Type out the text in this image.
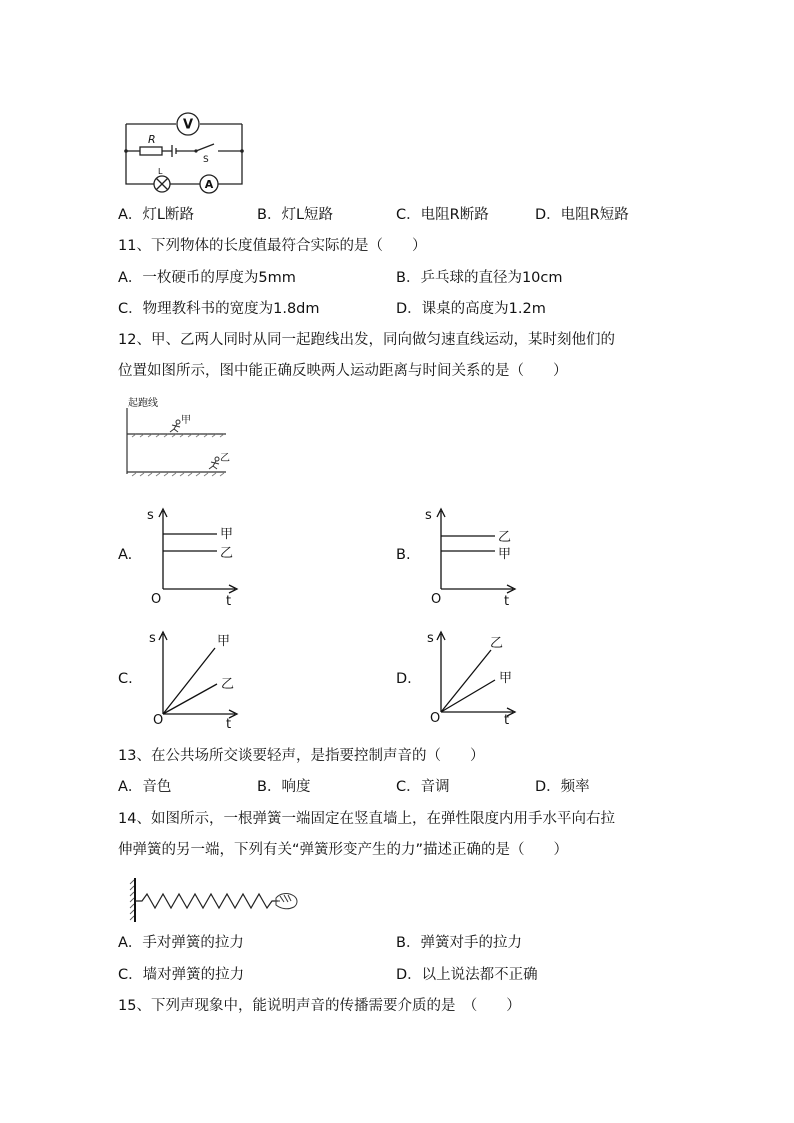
V
A
R
L
S
A．灯L断路	B．灯L短路	C．电阻R断路	D．电阻R短路
11、下列物体的长度值最符合实际的是（　　）
A．一枚硬币的厚度为5mm	B．乒乓球的直径为10cm
C．物理教科书的宽度为1.8dm	D．课桌的高度为1.2m
12、甲、乙两人同时从同一起跑线出发，同向做匀速直线运动，某时刻他们的
位置如图所示，图中能正确反映两人运动距离与时间关系的是（　　）
起跑线
甲
乙
A.	B.
C.	D.
s
t
O
甲
乙
s
t
O
乙
甲
s
t
O
甲
乙
s
t
O
乙
甲
13、在公共场所交谈要轻声，是指要控制声音的（　　）
A．音色	B．响度	C．音调	D．频率
14、如图所示，一根弹簧一端固定在竖直墙上，在弹性限度内用手水平向右拉
伸弹簧的另一端，下列有关“弹簧形变产生的力”描述正确的是（　　）
A．手对弹簧的拉力	B．弹簧对手的拉力
C．墙对弹簧的拉力	D．以上说法都不正确
15、下列声现象中，能说明声音的传播需要介质的是　（　　）
